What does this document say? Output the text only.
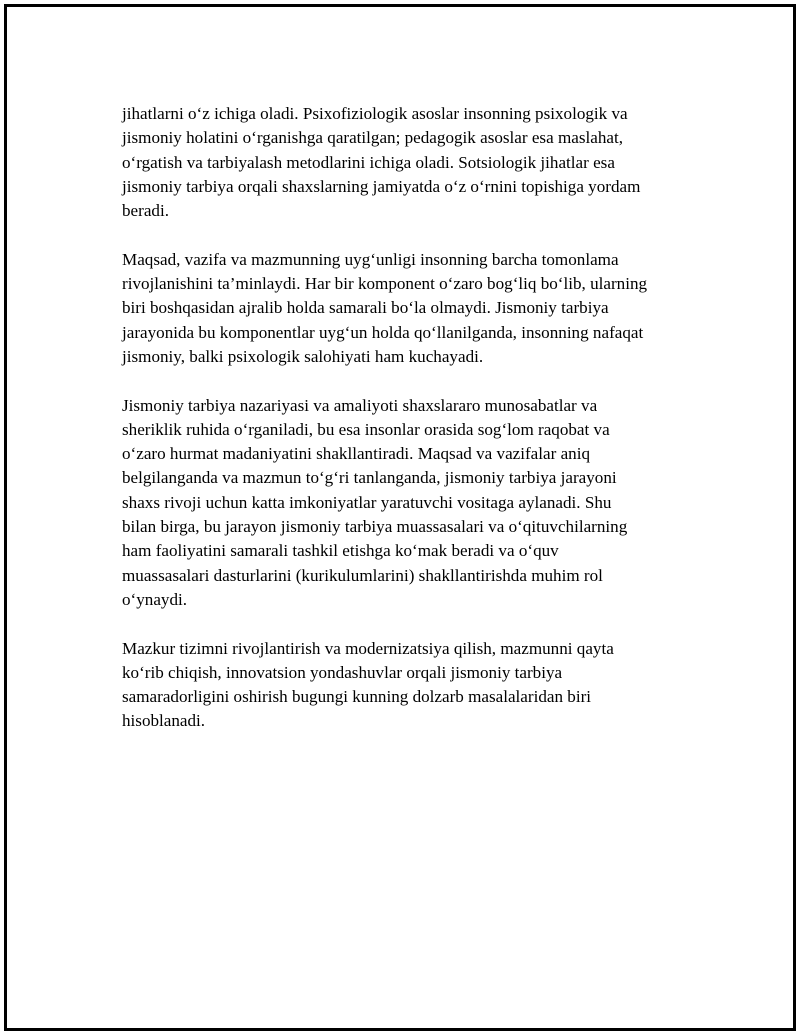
jihatlarni o‘z ichiga oladi. Psixofiziologik asoslar insonning psixologik va
jismoniy holatini o‘rganishga qaratilgan; pedagogik asoslar esa maslahat,
o‘rgatish va tarbiyalash metodlarini ichiga oladi. Sotsiologik jihatlar esa
jismoniy tarbiya orqali shaxslarning jamiyatda o‘z o‘rnini topishiga yordam
beradi.

Maqsad, vazifa va mazmunning uyg‘unligi insonning barcha tomonlama
rivojlanishini ta’minlaydi. Har bir komponent o‘zaro bog‘liq bo‘lib, ularning
biri boshqasidan ajralib holda samarali bo‘la olmaydi. Jismoniy tarbiya
jarayonida bu komponentlar uyg‘un holda qo‘llanilganda, insonning nafaqat
jismoniy, balki psixologik salohiyati ham kuchayadi.

Jismoniy tarbiya nazariyasi va amaliyoti shaxslararo munosabatlar va
sheriklik ruhida o‘rganiladi, bu esa insonlar orasida sog‘lom raqobat va
o‘zaro hurmat madaniyatini shakllantiradi. Maqsad va vazifalar aniq
belgilanganda va mazmun to‘g‘ri tanlanganda, jismoniy tarbiya jarayoni
shaxs rivoji uchun katta imkoniyatlar yaratuvchi vositaga aylanadi. Shu
bilan birga, bu jarayon jismoniy tarbiya muassasalari va o‘qituvchilarning
ham faoliyatini samarali tashkil etishga ko‘mak beradi va o‘quv
muassasalari dasturlarini (kurikulumlarini) shakllantirishda muhim rol
o‘ynaydi.

Mazkur tizimni rivojlantirish va modernizatsiya qilish, mazmunni qayta
ko‘rib chiqish, innovatsion yondashuvlar orqali jismoniy tarbiya
samaradorligini oshirish bugungi kunning dolzarb masalalaridan biri
hisoblanadi.
